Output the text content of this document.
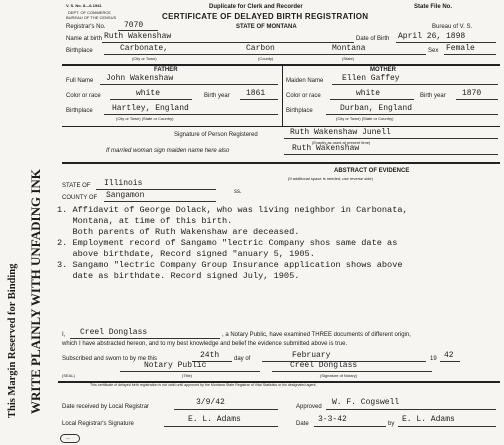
This Margin Reserved for Binding WRITE PLAINLY WITH UNFADING INK
V. S. No. 8—6-1941	Duplicate for Clerk and Recorder	State File No.
DEPT. OF COMMERCE
BUREAU OF THE CENSUS	CERTIFICATE OF DELAYED BIRTH REGISTRATION
Registrar's No. 7070	STATE OF MONTANA	Bureau of V. S.
Name at birth Ruth Wakenshaw	Date of Birth April 26, 1898
Birthplace	Carbonate,	Carbon	Montana	Sex Female
(City or Town)	(County)	(State)
FATHER
Full Name John Wakenshaw
Color or race	white	Birth year 1861
Birthplace Hartley, England
(City or Town) (State or Country)
MOTHER
Maiden Name Ellen Gaffey
Color or race	white	Birth year 1870
Birthplace	Durban, England
(City or Town) (State or Country)
Signature of Person Registered	Ruth Wakenshaw Junell
(Exactly as used at present time)
If married woman sign maiden name here also	Ruth Wakenshaw
STATE OF Illinois
COUNTY OF Sangamon	ss.
ABSTRACT OF EVIDENCE
(If additional space is needed, use reverse side)
1. Affidavit of George Dolack, who was living neighbor in Carbonata,
Montana, at time of this birth.
Both parents of Ruth Wakenshaw are deceased.
2. Employment record of Sangamo ″lectric Company shos same date as
above birthdate, Record signed ″anuary 5, 1905.
3. Sangamo ″lectric Company Group Insurance application shows above
date as birthdate. Record signed July, 1905.
I, Creel Donglass	, a Notary Public, have examined THREE documents of different origin,
which I have abstracted hereon, and to my best knowledge and belief the evidence submitted above is true.
Subscribed and sworn to by me this	24th day of	February	19 42
Notary Public	Creel Donglass
(SEAL)	(Title)	(Signature of Notary)
This certificate of delayed birth registration is not valid until approved by the Montana State Registrar of Vital Statistics or his designated agent.
Date received by Local Registrar	3/9/42	Approved W. F. Cogswell
Local Registrar's Signature	E. L. Adams	Date 3-3-42	by E. L. Adams
—
